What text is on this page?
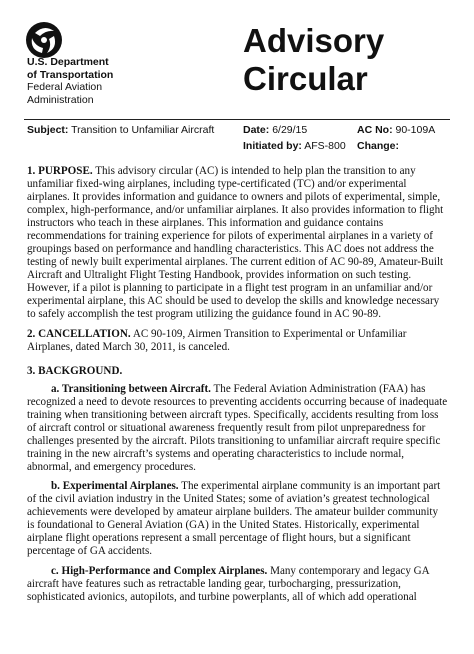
U.S. Department
of Transportation
Federal Aviation
Administration
Advisory
Circular
Subject: Transition to Unfamiliar Aircraft	Date: 6/29/15	AC No: 90-109A
Initiated by: AFS-800 Change:
1. PURPOSE. This advisory circular (AC) is intended to help plan the transition to any unfamiliar fixed-wing airplanes, including type-certificated (TC) and/or experimental airplanes. It provides information and guidance to owners and pilots of experimental, simple, complex, high-performance, and/or unfamiliar airplanes. It also provides information to flight instructors who teach in these airplanes. This information and guidance contains recommendations for training experience for pilots of experimental airplanes in a variety of groupings based on performance and handling characteristics. This AC does not address the testing of newly built experimental airplanes. The current edition of AC 90-89, Amateur-Built Aircraft and Ultralight Flight Testing Handbook, provides information on such testing. However, if a pilot is planning to participate in a flight test program in an unfamiliar and/or experimental airplane, this AC should be used to develop the skills and knowledge necessary to safely accomplish the test program utilizing the guidance found in AC 90-89.
2. CANCELLATION. AC 90-109, Airmen Transition to Experimental or Unfamiliar Airplanes, dated March 30, 2011, is canceled.
3. BACKGROUND.
a. Transitioning between Aircraft. The Federal Aviation Administration (FAA) has recognized a need to devote resources to preventing accidents occurring because of inadequate training when transitioning between aircraft types. Specifically, accidents resulting from loss of aircraft control or situational awareness frequently result from pilot unpreparedness for challenges presented by the aircraft. Pilots transitioning to unfamiliar aircraft require specific training in the new aircraft’s systems and operating characteristics to include normal, abnormal, and emergency procedures.
b. Experimental Airplanes. The experimental airplane community is an important part of the civil aviation industry in the United States; some of aviation’s greatest technological achievements were developed by amateur airplane builders. The amateur builder community is foundational to General Aviation (GA) in the United States. Historically, experimental airplane flight operations represent a small percentage of flight hours, but a significant percentage of GA accidents.
c. High-Performance and Complex Airplanes. Many contemporary and legacy GA aircraft have features such as retractable landing gear, turbocharging, pressurization, sophisticated avionics, autopilots, and turbine powerplants, all of which add operational
